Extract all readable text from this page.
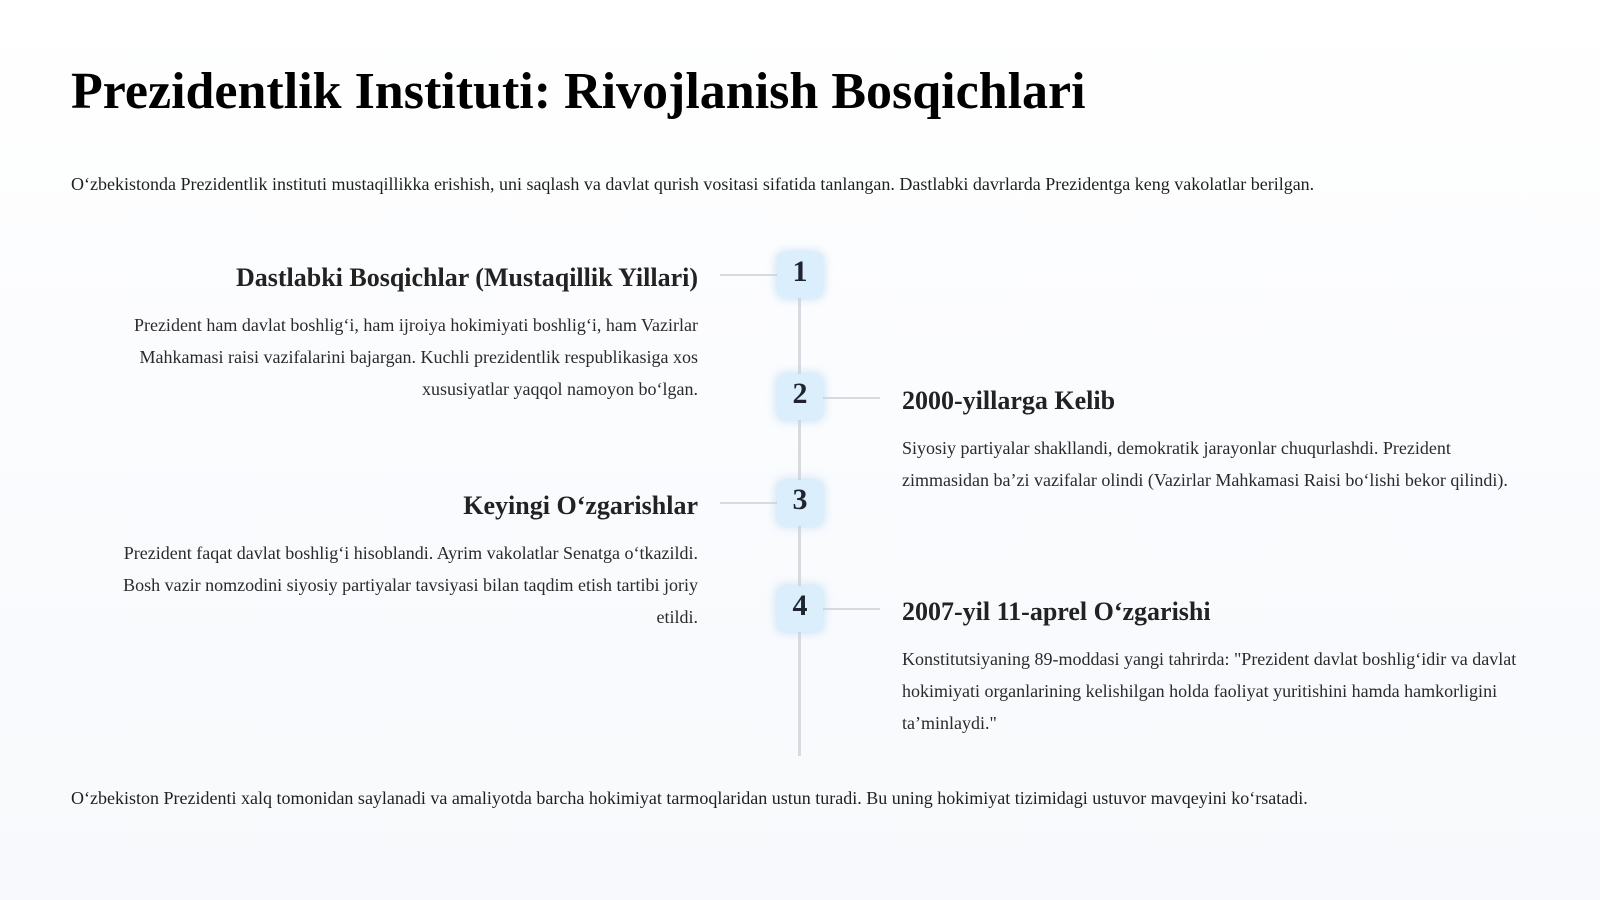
Prezidentlik Instituti: Rivojlanish Bosqichlari

O‘zbekistonda Prezidentlik instituti mustaqillikka erishish, uni saqlash va davlat qurish vositasi sifatida tanlangan. Dastlabki davrlarda Prezidentga keng vakolatlar berilgan.

1
Dastlabki Bosqichlar (Mustaqillik Yillari)

Prezident ham davlat boshlig‘i, ham ijroiya hokimiyati boshlig‘i, ham Vazirlar Mahkamasi raisi vazifalarini bajargan. Kuchli prezidentlik respublikasiga xos xususiyatlar yaqqol namoyon bo‘lgan.	2	2000-yillarga Kelib

Siyosiy partiyalar shakllandi, demokratik jarayonlar chuqurlashdi. Prezident zimmasidan ba’zi vazifalar olindi (Vazirlar Mahkamasi Raisi bo‘lishi bekor qilindi).

3
Keyingi O‘zgarishlar

Prezident faqat davlat boshlig‘i hisoblandi. Ayrim vakolatlar Senatga o‘tkazildi. Bosh vazir nomzodini siyosiy partiyalar tavsiyasi bilan taqdim etish tartibi joriy etildi.	4	2007-yil 11-aprel O‘zgarishi

Konstitutsiyaning 89-moddasi yangi tahrirda: "Prezident davlat boshlig‘idir va davlat hokimiyati organlarining kelishilgan holda faoliyat yuritishini hamda hamkorligini ta’minlaydi."

O‘zbekiston Prezidenti xalq tomonidan saylanadi va amaliyotda barcha hokimiyat tarmoqlaridan ustun turadi. Bu uning hokimiyat tizimidagi ustuvor mavqeyini ko‘rsatadi.
